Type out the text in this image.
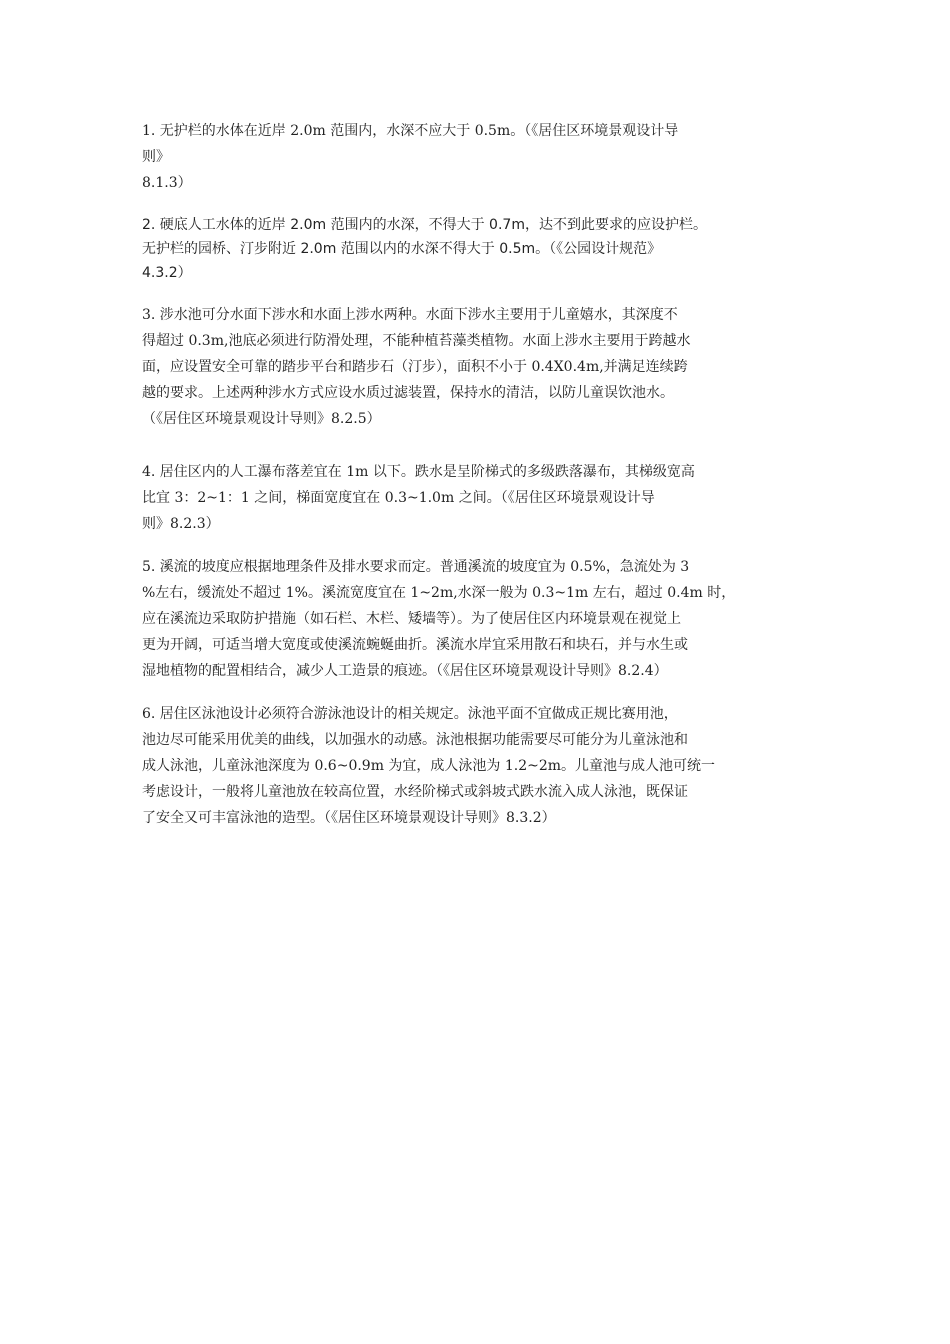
1. 无护栏的水体在近岸 2.0m 范围内，水深不应大于 0.5m。（《居住区环境景观设计导
则》
8.1.3）

2. 硬底人工水体的近岸 2.0m 范围内的水深，不得大于 0.7m，达不到此要求的应设护栏。
无护栏的园桥、汀步附近 2.0m 范围以内的水深不得大于 0.5m。（《公园设计规范》
4.3.2）

3. 涉水池可分水面下涉水和水面上涉水两种。水面下涉水主要用于儿童嬉水，其深度不
得超过 0.3m,池底必须进行防滑处理，不能种植苔藻类植物。水面上涉水主要用于跨越水
面，应设置安全可靠的踏步平台和踏步石（汀步），面积不小于 0.4X0.4m,并满足连续跨
越的要求。上述两种涉水方式应设水质过滤装置，保持水的清洁，以防儿童误饮池水。
（《居住区环境景观设计导则》8.2.5）

4. 居住区内的人工瀑布落差宜在 1m 以下。跌水是呈阶梯式的多级跌落瀑布，其梯级宽高
比宜 3：2~1：1 之间，梯面宽度宜在 0.3~1.0m 之间。（《居住区环境景观设计导
则》8.2.3）

5. 溪流的坡度应根据地理条件及排水要求而定。普通溪流的坡度宜为 0.5%，急流处为 3
%左右，缓流处不超过 1%。溪流宽度宜在 1~2m,水深一般为 0.3~1m 左右，超过 0.4m 时，
应在溪流边采取防护措施（如石栏、木栏、矮墙等）。为了使居住区内环境景观在视觉上
更为开阔，可适当增大宽度或使溪流蜿蜒曲折。溪流水岸宜采用散石和块石，并与水生或
湿地植物的配置相结合，减少人工造景的痕迹。（《居住区环境景观设计导则》8.2.4）

6. 居住区泳池设计必须符合游泳池设计的相关规定。泳池平面不宜做成正规比赛用池，
池边尽可能采用优美的曲线，以加强水的动感。泳池根据功能需要尽可能分为儿童泳池和
成人泳池，儿童泳池深度为 0.6~0.9m 为宜，成人泳池为 1.2~2m。儿童池与成人池可统一
考虑设计，一般将儿童池放在较高位置，水经阶梯式或斜坡式跌水流入成人泳池，既保证
了安全又可丰富泳池的造型。（《居住区环境景观设计导则》8.3.2）
